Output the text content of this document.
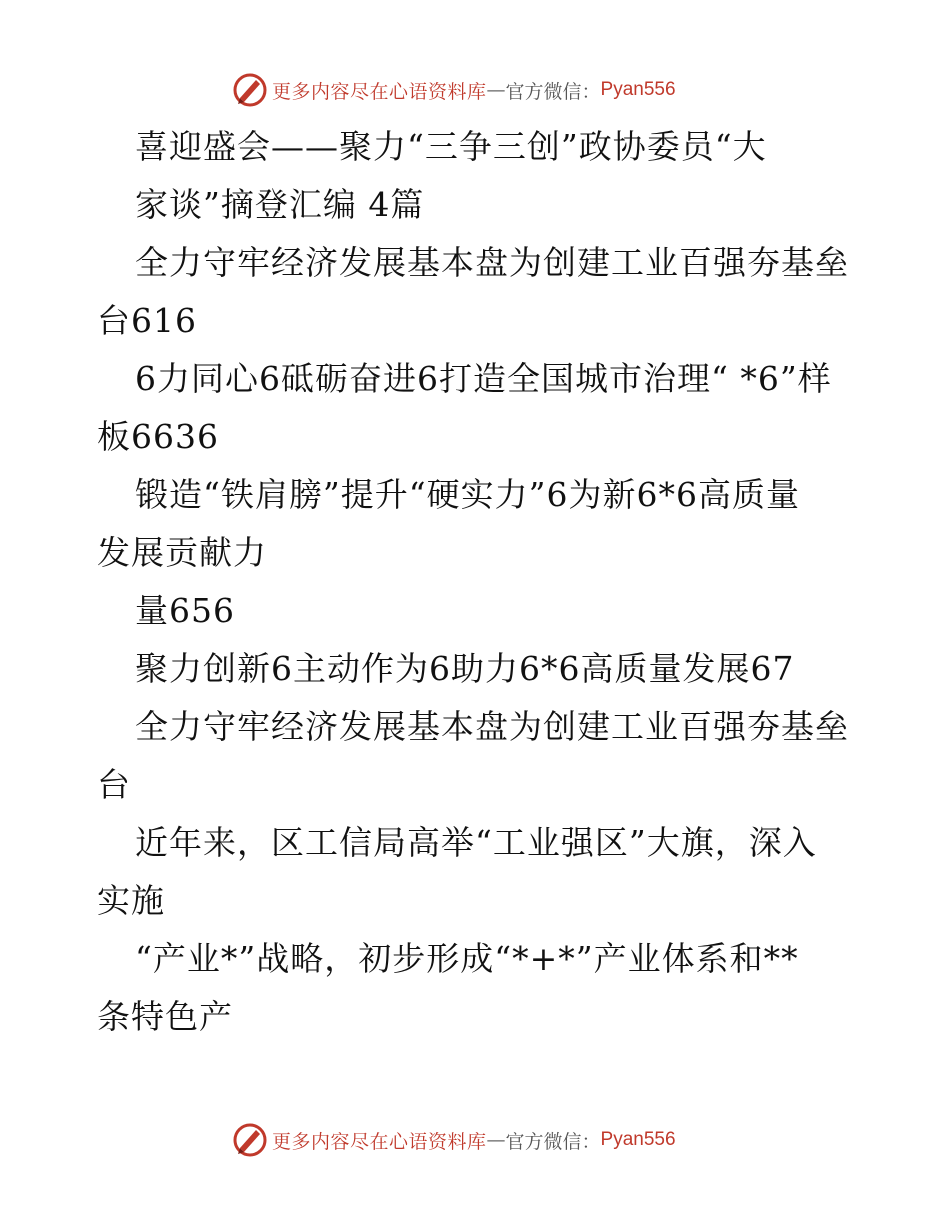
更多内容尽在心语资料库 — 官方微信： Pyan556
喜迎盛会——聚力“三争三创”政协委员“大
家谈”摘登汇编 4篇
全力守牢经济发展基本盘为创建工业百强夯基垒
台616
6力同心6砥砺奋进6打造全国城市治理“ *6”样
板6636
锻造“铁肩膀”提升“硬实力”6为新6*6高质量
发展贡献力
量656
聚力创新6主动作为6助力6*6高质量发展67
全力守牢经济发展基本盘为创建工业百强夯基垒
台
近年来，区工信局高举“工业强区”大旗，深入
实施
“产业*”战略，初步形成“*+*”产业体系和**
条特色产
更多内容尽在心语资料库 — 官方微信： Pyan556
